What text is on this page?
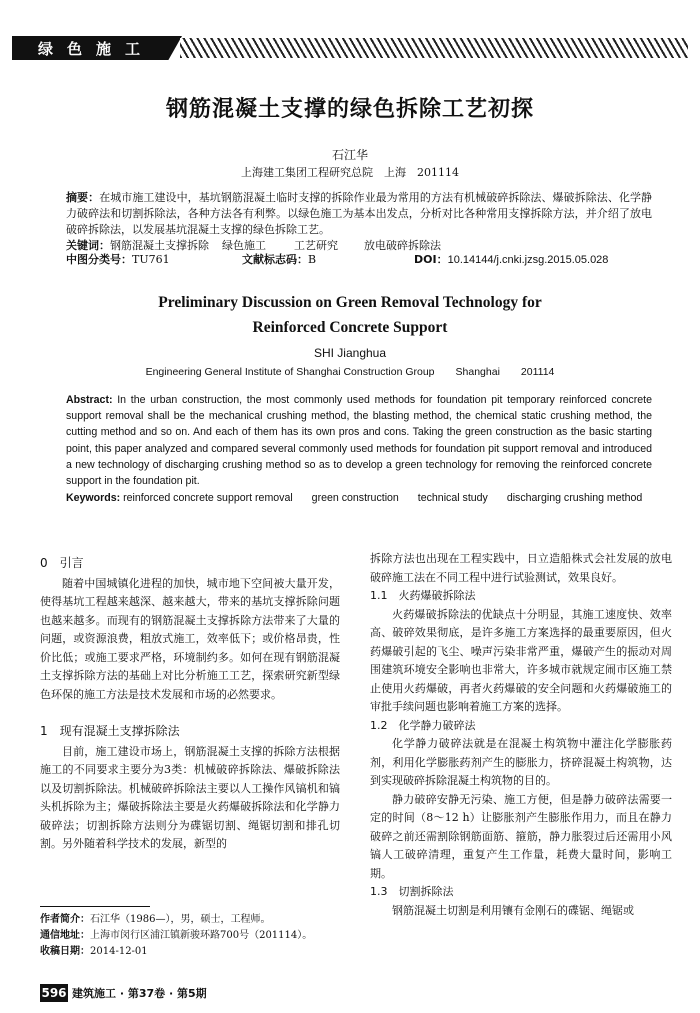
绿色施工
钢筋混凝土支撑的绿色拆除工艺初探
石江华
上海建工集团工程研究总院　上海　201114
摘要：在城市施工建设中，基坑钢筋混凝土临时支撑的拆除作业最为常用的方法有机械破碎拆除法、爆破拆除法、化学静力破碎法和切割拆除法，各种方法各有利弊。以绿色施工为基本出发点，分析对比各种常用支撑拆除方法，并介绍了放电破碎拆除法，以发展基坑混凝土支撑的绿色拆除工艺。
关键词：钢筋混凝土支撑拆除 绿色施工	工艺研究 放电破碎拆除法
中图分类号：TU761	文献标志码：B	DOI：10.14144/j.cnki.jzsg.2015.05.028
Preliminary Discussion on Green Removal Technology for
Reinforced Concrete Support
SHI Jianghua
Engineering General Institute of Shanghai Construction Group　　Shanghai　　201114
Abstract: In the urban construction, the most commonly used methods for foundation pit temporary reinforced concrete support removal shall be the mechanical crushing method, the blasting method, the chemical static crushing method, the cutting method and so on. And each of them has its own pros and cons. Taking the green construction as the basic starting point, this paper analyzed and compared several commonly used methods for foundation pit support removal and introduced a new technology of discharging crushing method so as to develop a green technology for removing the reinforced concrete support in the foundation pit.
Keywords: reinforced concrete support removal green construction technical study discharging crushing method
0　引言

随着中国城镇化进程的加快，城市地下空间被大量开发，使得基坑工程越来越深、越来越大，带来的基坑支撑拆除问题也越来越多。而现有的钢筋混凝土支撑拆除方法带来了大量的问题，或资源浪费，粗放式施工，效率低下；或价格昂贵，性价比低；或施工要求严格，环境制约多。如何在现有钢筋混凝土支撑拆除方法的基础上对比分析施工工艺，探索研究新型绿色环保的施工方法是技术发展和市场的必然要求。

1　现有混凝土支撑拆除法

目前，施工建设市场上，钢筋混凝土支撑的拆除方法根据施工的不同要求主要分为3类：机械破碎拆除法、爆破拆除法以及切割拆除法。机械破碎拆除法主要以人工操作风镐机和镐头机拆除为主；爆破拆除法主要是火药爆破拆除法和化学静力破碎法；切割拆除方法则分为碟锯切割、绳锯切割和排孔切割。另外随着科学技术的发展，新型的

拆除方法也出现在工程实践中，日立造船株式会社发展的放电破碎施工法在不同工程中进行试验测试，效果良好。

1.1　火药爆破拆除法

火药爆破拆除法的优缺点十分明显，其施工速度快、效率高、破碎效果彻底，是许多施工方案选择的最重要原因，但火药爆破引起的飞尘、噪声污染非常严重，爆破产生的振动对周围建筑环境安全影响也非常大，许多城市就规定闹市区施工禁止使用火药爆破，再者火药爆破的安全问题和火药爆破施工的审批手续问题也影响着施工方案的选择。

1.2　化学静力破碎法

化学静力破碎法就是在混凝土构筑物中灌注化学膨胀药剂，利用化学膨胀药剂产生的膨胀力，挤碎混凝土构筑物，达到实现破碎拆除混凝土构筑物的目的。

静力破碎安静无污染、施工方便，但是静力破碎法需要一定的时间（8～12 h）让膨胀剂产生膨胀作用力，而且在静力破碎之前还需割除钢筋面筋、箍筋，静力胀裂过后还需用小风镐人工破碎清理，重复产生工作量，耗费大量时间，影响工期。

1.3　切割拆除法

钢筋混凝土切割是利用镶有金刚石的碟锯、绳锯或

作者简介：石江华（1986—），男，硕士，工程师。
通信地址：上海市闵行区浦江镇新骏环路700号（201114）。
收稿日期：2014-12-01
596 建筑施工 · 第37卷 · 第5期
